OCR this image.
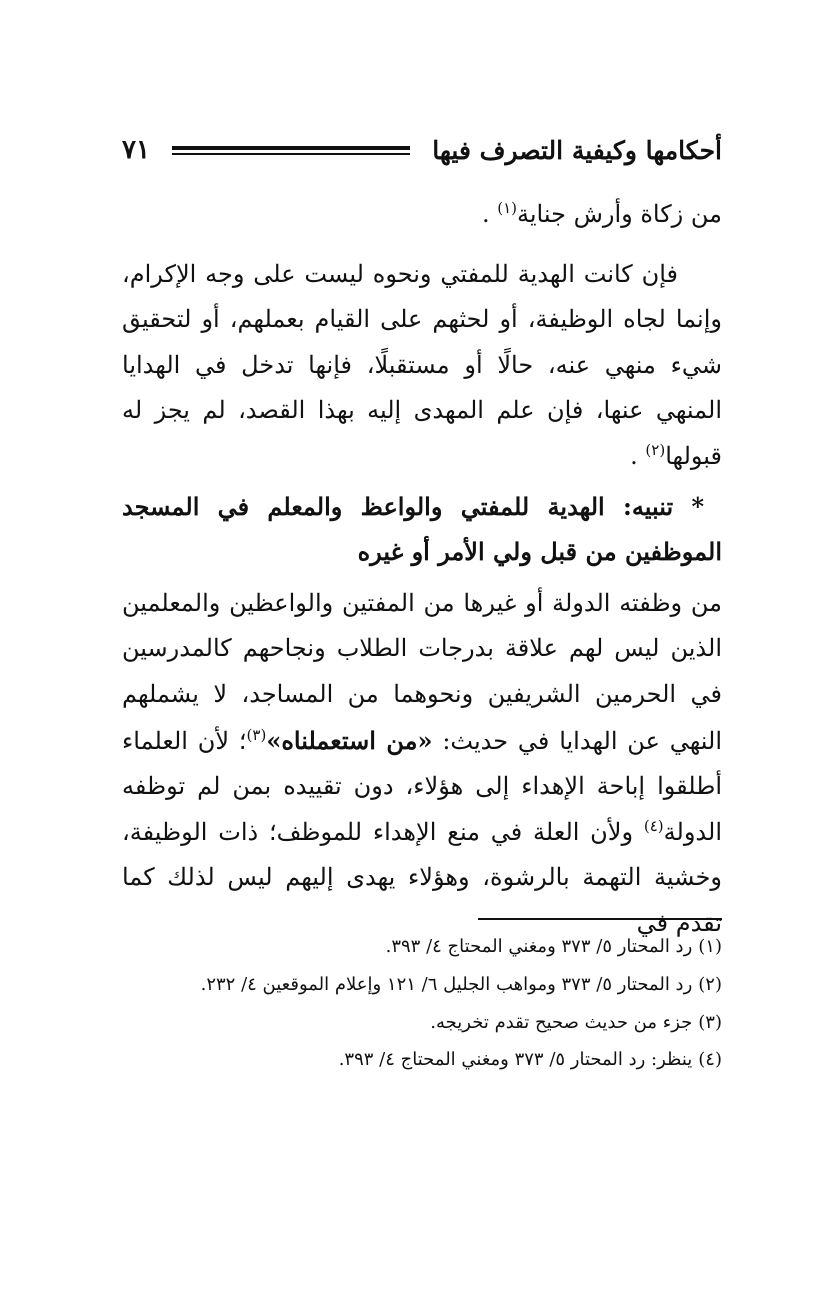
أحكامها وكيفية التصرف فيها
٧١

من زكاة وأرش جناية$^{(١)}$ .

فإن كانت الهدية للمفتي ونحوه ليست على وجه الإكرام، وإنما لجاه الوظيفة، أو لحثهم على القيام بعملهم، أو لتحقيق شيء منهي عنه، حالًا أو مستقبلًا، فإنها تدخل في الهدايا المنهي عنها، فإن علم المهدى إليه بهذا القصد، لم يجز له قبولها$^{(٢)}$ .

* تنبيه: الهدية للمفتي والواعظ والمعلم في المسجد الموظفين من قبل ولي الأمر أو غيره

من وظفته الدولة أو غيرها من المفتين والواعظين والمعلمين الذين ليس لهم علاقة بدرجات الطلاب ونجاحهم كالمدرسين في الحرمين الشريفين ونحوهما من المساجد، لا يشملهم النهي عن الهدايا في حديث: «من استعملناه»$^{(٣)}$؛ لأن العلماء أطلقوا إباحة الإهداء إلى هؤلاء، دون تقييده بمن لم توظفه الدولة$^{(٤)}$ ولأن العلة في منع الإهداء للموظف؛ ذات الوظيفة، وخشية التهمة بالرشوة، وهؤلاء يهدى إليهم ليس لذلك كما تقدم في

(١)رد المحتار ٥/ ٣٧٣ ومغني المحتاج ٤/ ٣٩٣.
(٢)رد المحتار ٥/ ٣٧٣ ومواهب الجليل ٦/ ١٢١ وإعلام الموقعين ٤/ ٢٣٢.
(٣)جزء من حديث صحيح تقدم تخريجه.
(٤)ينظر: رد المحتار ٥/ ٣٧٣ ومغني المحتاج ٤/ ٣٩٣.
